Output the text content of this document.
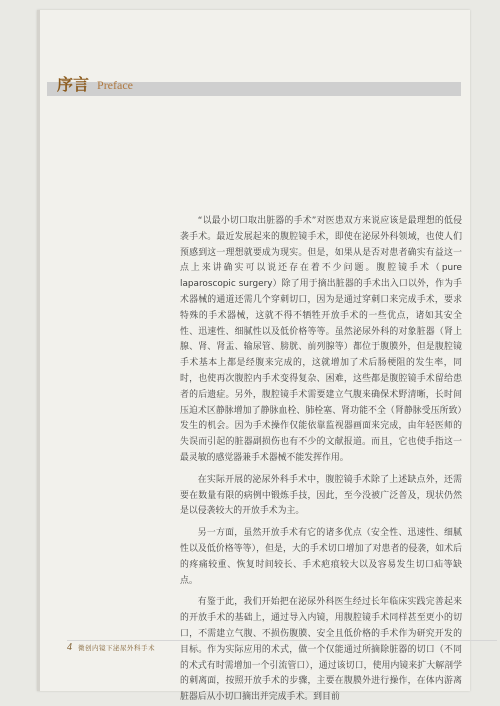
序言 Preface

“以最小切口取出脏器的手术”对医患双方来说应该是最理想的低侵袭手术。最近发展起来的腹腔镜手术，即使在泌尿外科领域，也使人们预感到这一理想就要成为现实。但是，如果从是否对患者确实有益这一点上来讲确实可以说还存在着不少问题。腹腔镜手术（pure laparoscopic surgery）除了用于摘出脏器的手术出入口以外，作为手术器械的通道还需几个穿刺切口，因为是通过穿刺口来完成手术，要求特殊的手术器械，这就不得不牺牲开放手术的一些优点，诸如其安全性、迅速性、细腻性以及低价格等等。虽然泌尿外科的对象脏器（肾上腺、肾、肾盂、输尿管、膀胱、前列腺等）都位于腹膜外，但是腹腔镜手术基本上都是经腹来完成的，这就增加了术后肠梗阻的发生率，同时，也使再次腹腔内手术变得复杂、困难，这些都是腹腔镜手术留给患者的后遗症。另外，腹腔镜手术需要建立气腹来确保术野清晰，长时间压迫术区静脉增加了静脉血栓、肺栓塞、肾功能不全（肾静脉受压所致）发生的机会。因为手术操作仅能依靠监视器画面来完成，由年轻医师的失误而引起的脏器副损伤也有不少的文献报道。而且，它也使手指这一最灵敏的感觉器兼手术器械不能发挥作用。

在实际开展的泌尿外科手术中，腹腔镜手术除了上述缺点外，还需要在数量有限的病例中锻炼手技，因此，至今没被广泛普及，现状仍然是以侵袭较大的开放手术为主。

另一方面，虽然开放手术有它的诸多优点（安全性、迅速性、细腻性以及低价格等等），但是，大的手术切口增加了对患者的侵袭，如术后的疼痛较重、恢复时间较长、手术疤痕较大以及容易发生切口疝等缺点。

有鉴于此，我们开始把在泌尿外科医生经过长年临床实践完善起来的开放手术的基础上，通过导入内镜，用腹腔镜手术同样甚至更小的切口，不需建立气腹、不损伤腹膜、安全且低价格的手术作为研究开发的目标。作为实际应用的术式，做一个仅能通过所摘除脏器的切口（不同的术式有时需增加一个引流管口），通过该切口，使用内镜来扩大解剖学的刺离面，按照开放手术的步骤，主要在腹膜外进行操作，在体内游离脏器后从小切口摘出并完成手术。到目前

4 微创内镜下泌尿外科手术
